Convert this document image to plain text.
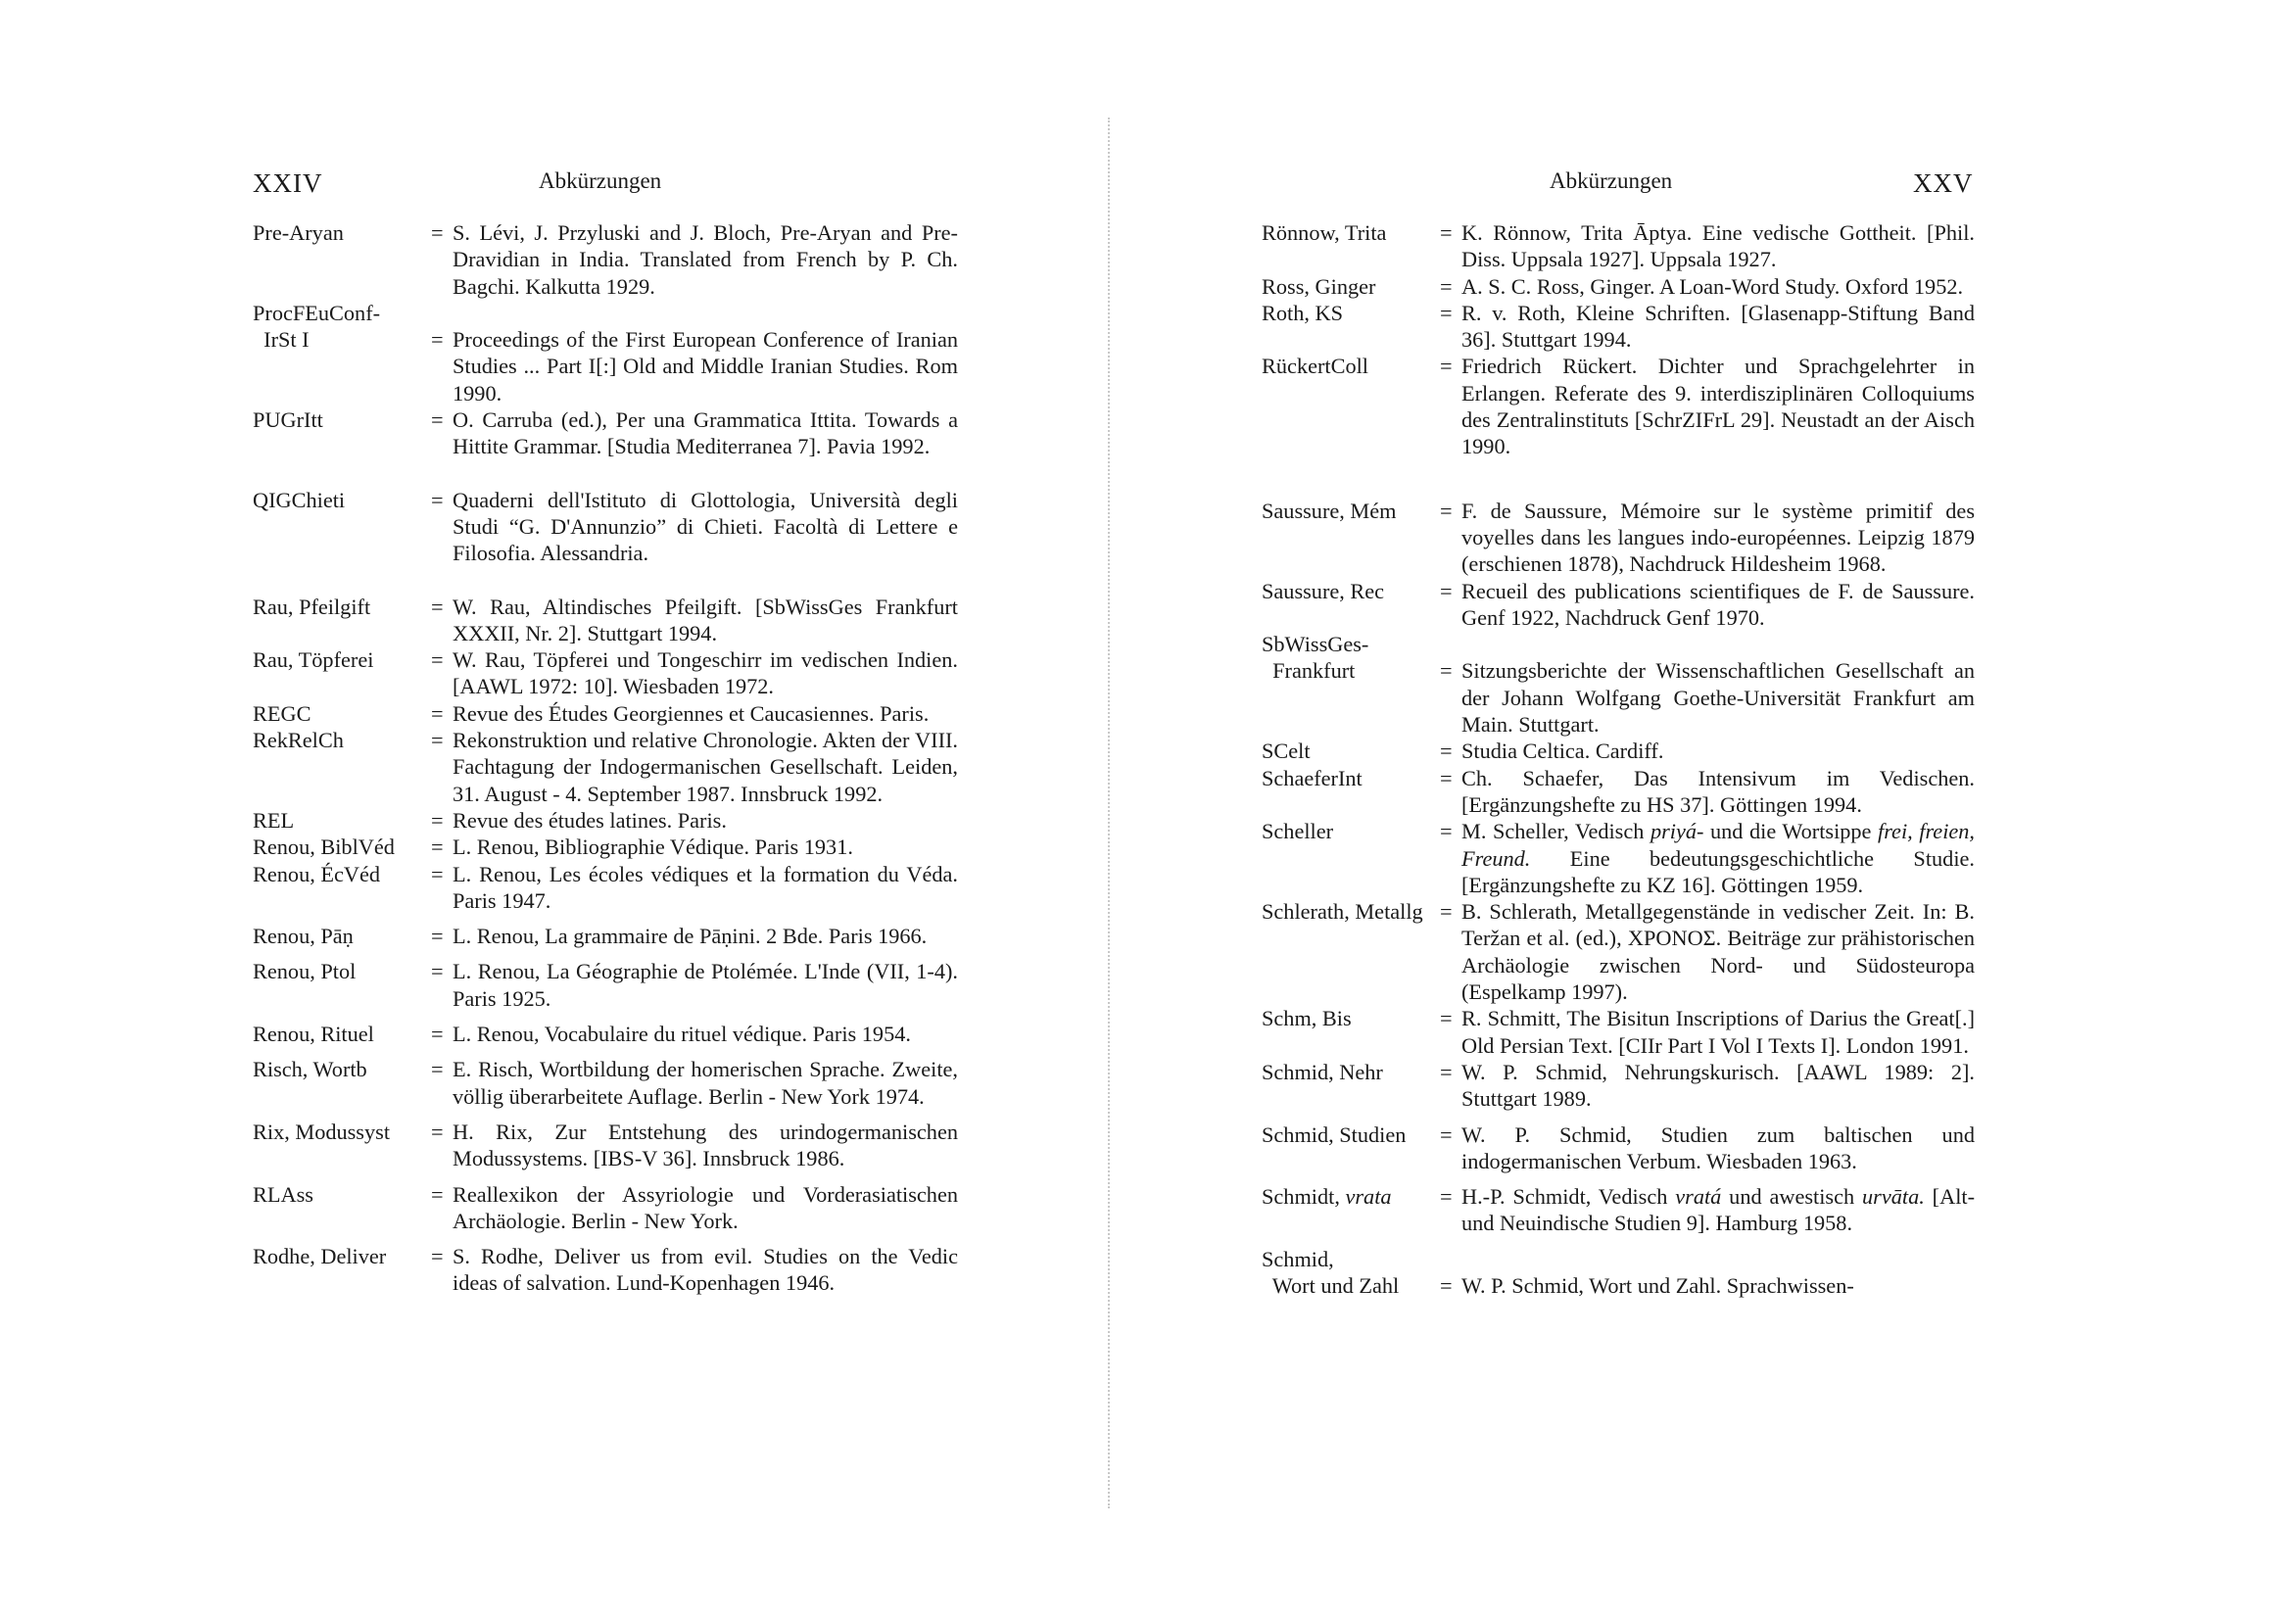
XXIV	Abkürzungen
Pre-Aryan	= S. Lévi, J. Przyluski and J. Bloch, Pre-Aryan and Pre-Dravidian in India. Translated from French by P. Ch. Bagchi. Kalkutta 1929.
ProcFEuConf-
IrSt I	= Proceedings of the First European Conference of Iranian Studies ... Part I[:] Old and Middle Iranian Studies. Rom 1990.
PUGrItt	= O. Carruba (ed.), Per una Grammatica Ittita. Towards a Hittite Grammar. [Studia Mediterranea 7]. Pavia 1992.
QIGChieti	= Quaderni dell'Istituto di Glottologia, Università degli Studi “G. D'Annunzio” di Chieti. Facoltà di Lettere e Filosofia. Alessandria.
Rau, Pfeilgift	= W. Rau, Altindisches Pfeilgift. [SbWissGes Frankfurt XXXII, Nr. 2]. Stuttgart 1994.
Rau, Töpferei	= W. Rau, Töpferei und Tongeschirr im vedischen Indien. [AAWL 1972: 10]. Wiesbaden 1972.
REGC	= Revue des Études Georgiennes et Caucasiennes. Paris.
RekRelCh	= Rekonstruktion und relative Chronologie. Akten der VIII. Fachtagung der Indogermanischen Gesellschaft. Leiden, 31. August - 4. September 1987. Innsbruck 1992.
REL	= Revue des études latines. Paris.
Renou, BiblVéd	= L. Renou, Bibliographie Védique. Paris 1931.
Renou, ÉcVéd	= L. Renou, Les écoles védiques et la formation du Véda. Paris 1947.
Renou, Pāṇ	= L. Renou, La grammaire de Pāṇini. 2 Bde. Paris 1966.
Renou, Ptol	= L. Renou, La Géographie de Ptolémée. L'Inde (VII, 1-4). Paris 1925.
Renou, Rituel	= L. Renou, Vocabulaire du rituel védique. Paris 1954.
Risch, Wortb	= E. Risch, Wortbildung der homerischen Sprache. Zweite, völlig überarbeitete Auflage. Berlin - New York 1974.
Rix, Modussyst	= H. Rix, Zur Entstehung des urindogermanischen Modussystems. [IBS-V 36]. Innsbruck 1986.
RLAss	= Reallexikon der Assyriologie und Vorderasiatischen Archäologie. Berlin - New York.
Rodhe, Deliver	= S. Rodhe, Deliver us from evil. Studies on the Vedic ideas of salvation. Lund-Kopenhagen 1946.
Abkürzungen	XXV
Rönnow, Trita	= K. Rönnow, Trita Āptya. Eine vedische Gottheit. [Phil. Diss. Uppsala 1927]. Uppsala 1927.
Ross, Ginger	= A. S. C. Ross, Ginger. A Loan-Word Study. Oxford 1952.
Roth, KS	= R. v. Roth, Kleine Schriften. [Glasenapp-Stiftung Band 36]. Stuttgart 1994.
RückertColl	= Friedrich Rückert. Dichter und Sprachgelehrter in Erlangen. Referate des 9. interdisziplinären Colloquiums des Zentralinstituts [SchrZIFrL 29]. Neustadt an der Aisch 1990.
Saussure, Mém	= F. de Saussure, Mémoire sur le système primitif des voyelles dans les langues indo-européennes. Leipzig 1879 (erschienen 1878), Nachdruck Hildesheim 1968.
Saussure, Rec	= Recueil des publications scientifiques de F. de Saussure. Genf 1922, Nachdruck Genf 1970.
SbWissGes-
Frankfurt	= Sitzungsberichte der Wissenschaftlichen Gesellschaft an der Johann Wolfgang Goethe-Universität Frankfurt am Main. Stuttgart.
SCelt	= Studia Celtica. Cardiff.
SchaeferInt	= Ch. Schaefer, Das Intensivum im Vedischen. [Ergänzungshefte zu HS 37]. Göttingen 1994.
Scheller	= M. Scheller, Vedisch priyá- und die Wortsippe frei, freien, Freund. Eine bedeutungsgeschichtliche Studie. [Ergänzungshefte zu KZ 16]. Göttingen 1959.
Schlerath, Metallg = B. Schlerath, Metallgegenstände in vedischer Zeit. In: B. Teržan et al. (ed.), ΧΡΟΝΟΣ. Beiträge zur prähistorischen Archäologie zwischen Nord- und Südosteuropa (Espelkamp 1997).
Schm, Bis	= R. Schmitt, The Bisitun Inscriptions of Darius the Great[.] Old Persian Text. [CIIr Part I Vol I Texts I]. London 1991.
Schmid, Nehr	= W. P. Schmid, Nehrungskurisch. [AAWL 1989: 2]. Stuttgart 1989.
Schmid, Studien	= W. P. Schmid, Studien zum baltischen und indogermanischen Verbum. Wiesbaden 1963.
Schmidt, vrata	= H.-P. Schmidt, Vedisch vratá und awestisch urvāta. [Alt- und Neuindische Studien 9]. Hamburg 1958.
Schmid,
Wort und Zahl	= W. P. Schmid, Wort und Zahl. Sprachwissen-
